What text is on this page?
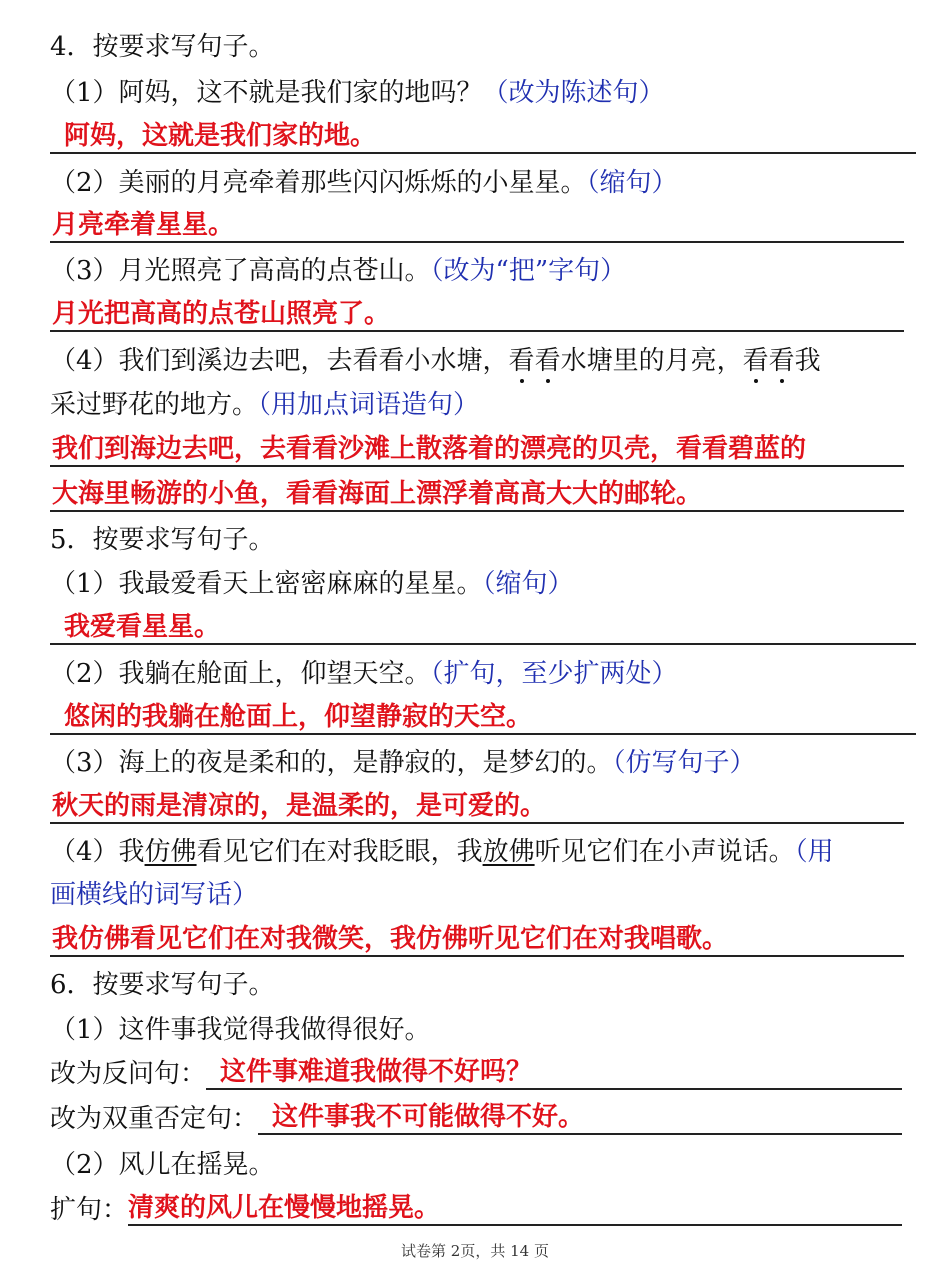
4．按要求写句子。
（1）阿妈，这不就是我们家的地吗？（改为陈述句）
阿妈，这就是我们家的地。
（2）美丽的月亮牵着那些闪闪烁烁的小星星。（缩句）
月亮牵着星星。
（3）月光照亮了高高的点苍山。（改为“把”字句）
月光把高高的点苍山照亮了。
（4）我们到溪边去吧，去看看小水塘，看看水塘里的月亮，看看我
采过野花的地方。（用加点词语造句）
我们到海边去吧，去看看沙滩上散落着的漂亮的贝壳，看看碧蓝的
大海里畅游的小鱼，看看海面上漂浮着高高大大的邮轮。
5．按要求写句子。
（1）我最爱看天上密密麻麻的星星。（缩句）
我爱看星星。
（2）我躺在舱面上，仰望天空。（扩句，至少扩两处）
悠闲的我躺在舱面上，仰望静寂的天空。
（3）海上的夜是柔和的，是静寂的，是梦幻的。（仿写句子）
秋天的雨是清凉的，是温柔的，是可爱的。
（4）我仿佛看见它们在对我眨眼，我放佛听见它们在小声说话。（用
画横线的词写话）
我仿佛看见它们在对我微笑，我仿佛听见它们在对我唱歌。
6．按要求写句子。
（1）这件事我觉得我做得很好。
改为反问句： 这件事难道我做得不好吗？
改为双重否定句： 这件事我不可能做得不好。
（2）风儿在摇晃。
扩句： 清爽的风儿在慢慢地摇晃。
试卷第 2页，共 14 页
